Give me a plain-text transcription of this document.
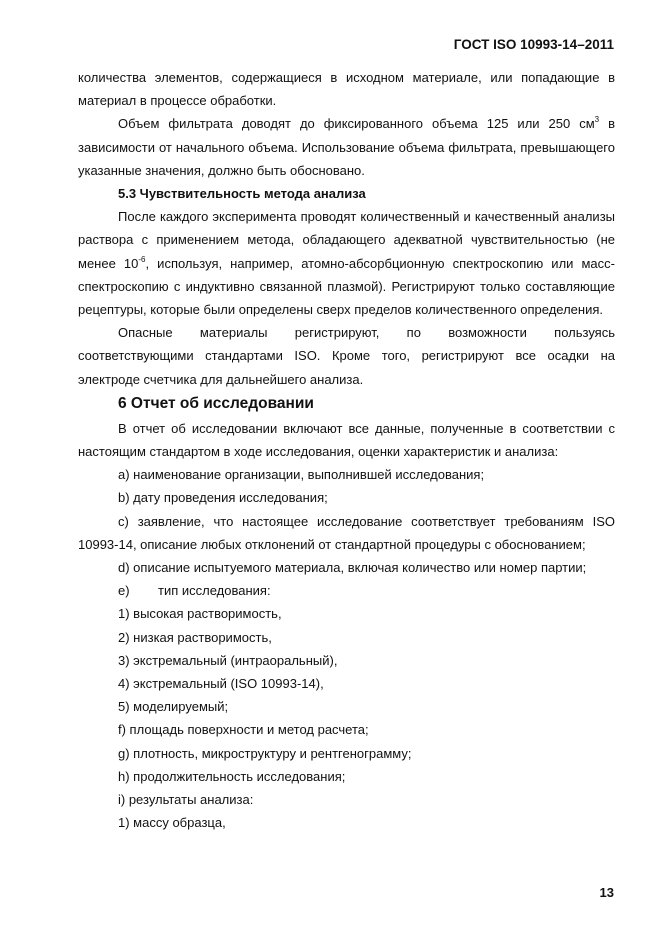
ГОСТ ISO 10993-14–2011

количества элементов, содержащиеся в исходном материале, или попадающие в материал в процессе обработки.

Объем фильтрата доводят до фиксированного объема 125 или 250 $см^3$ в зависимости от начального объема. Использование объема фильтрата, превышающего указанные значения, должно быть обосновано.

5.3 Чувствительность метода анализа

После каждого эксперимента проводят количественный и качественный анализы раствора с применением метода, обладающего адекватной чувствительностью (не менее $10^{-6}$, используя, например, атомно-абсорбционную спектроскопию или масс-спектроскопию с индуктивно связанной плазмой). Регистрируют только составляющие рецептуры, которые были определены сверх пределов количественного определения.

Опасные материалы регистрируют, по возможности пользуясь соответствующими стандартами ISO. Кроме того, регистрируют все осадки на электроде счетчика для дальнейшего анализа.

6 Отчет об исследовании

В отчет об исследовании включают все данные, полученные в соответствии с настоящим стандартом в ходе исследования, оценки характеристик и анализа:

а) наименование организации, выполнившей исследования;

b) дату проведения исследования;

с) заявление, что настоящее исследование соответствует требованиям ISO 10993-14, описание любых отклонений от стандартной процедуры с обоснованием;

d) описание испытуемого материала, включая количество или номер партии;

е) тип исследования:

1) высокая растворимость,

2) низкая растворимость,

3) экстремальный (интраоральный),

4) экстремальный (ISO 10993-14),

5) моделируемый;

f) площадь поверхности и метод расчета;

g) плотность, микроструктуру и рентгенограмму;

h) продолжительность исследования;

i) результаты анализа:

1) массу образца,

13
